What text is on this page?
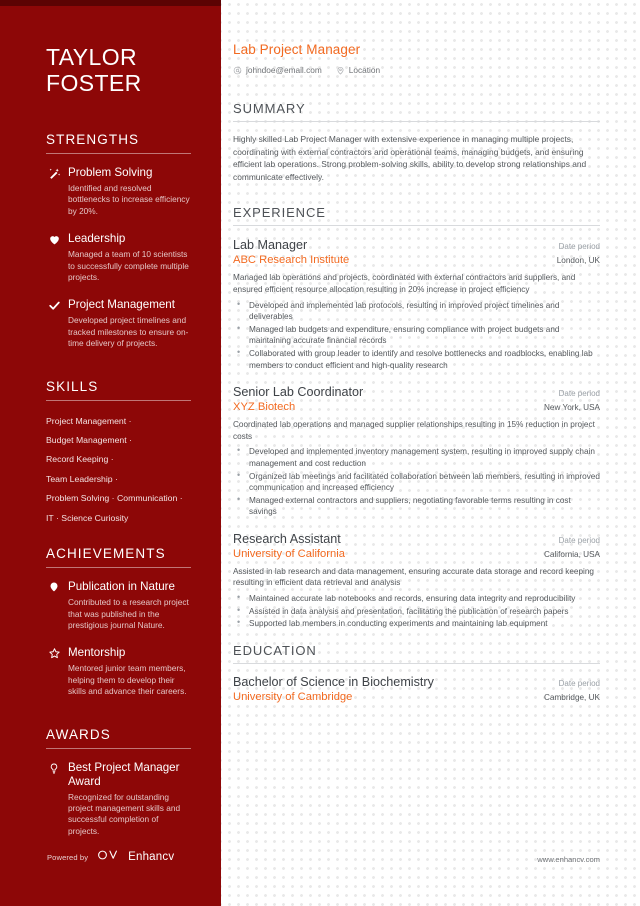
TAYLOR
FOSTER
STRENGTHS
Problem Solving
Identified and resolved bottlenecks to increase efficiency by 20%.
Leadership
Managed a team of 10 scientists to successfully complete multiple projects.
Project Management
Developed project timelines and tracked milestones to ensure on-time delivery of projects.
SKILLS
Project Management ·
Budget Management ·
Record Keeping ·
Team Leadership ·
Problem Solving · Communication ·
IT · Science Curiosity
ACHIEVEMENTS
Publication in Nature
Contributed to a research project that was published in the prestigious journal Nature.
Mentorship
Mentored junior team members, helping them to develop their skills and advance their careers.
AWARDS
Best Project Manager Award
Recognized for outstanding project management skills and successful completion of projects.
Powered by	Enhancv
Lab Project Manager
johndoe@email.com	Location
SUMMARY

Highly skilled Lab Project Manager with extensive experience in managing multiple projects, coordinating with external contractors and operational teams, managing budgets, and ensuring efficient lab operations. Strong problem-solving skills, ability to develop strong relationships and communicate effectively.

EXPERIENCE
Lab Manager	Date period
ABC Research Institute	London, UK

Managed lab operations and projects, coordinated with external contractors and suppliers, and ensured efficient resource allocation resulting in 20% increase in project efficiency

• Developed and implemented lab protocols, resulting in improved project timelines and deliverables
• Managed lab budgets and expenditure, ensuring compliance with project budgets and maintaining accurate financial records
• Collaborated with group leader to identify and resolve bottlenecks and roadblocks, enabling lab members to conduct efficient and high-quality research
Senior Lab Coordinator	Date period
XYZ Biotech	New York, USA

Coordinated lab operations and managed supplier relationships resulting in 15% reduction in project costs

• Developed and implemented inventory management system, resulting in improved supply chain management and cost reduction
• Organized lab meetings and facilitated collaboration between lab members, resulting in improved communication and increased efficiency
• Managed external contractors and suppliers, negotiating favorable terms resulting in cost savings
Research Assistant	Date period
University of California	California, USA

Assisted in lab research and data management, ensuring accurate data storage and record keeping resulting in efficient data retrieval and analysis

• Maintained accurate lab notebooks and records, ensuring data integrity and reproducibility
• Assisted in data analysis and presentation, facilitating the publication of research papers
• Supported lab members in conducting experiments and maintaining lab equipment
EDUCATION
Bachelor of Science in Biochemistry	Date period
University of Cambridge	Cambridge, UK
www.enhancv.com
